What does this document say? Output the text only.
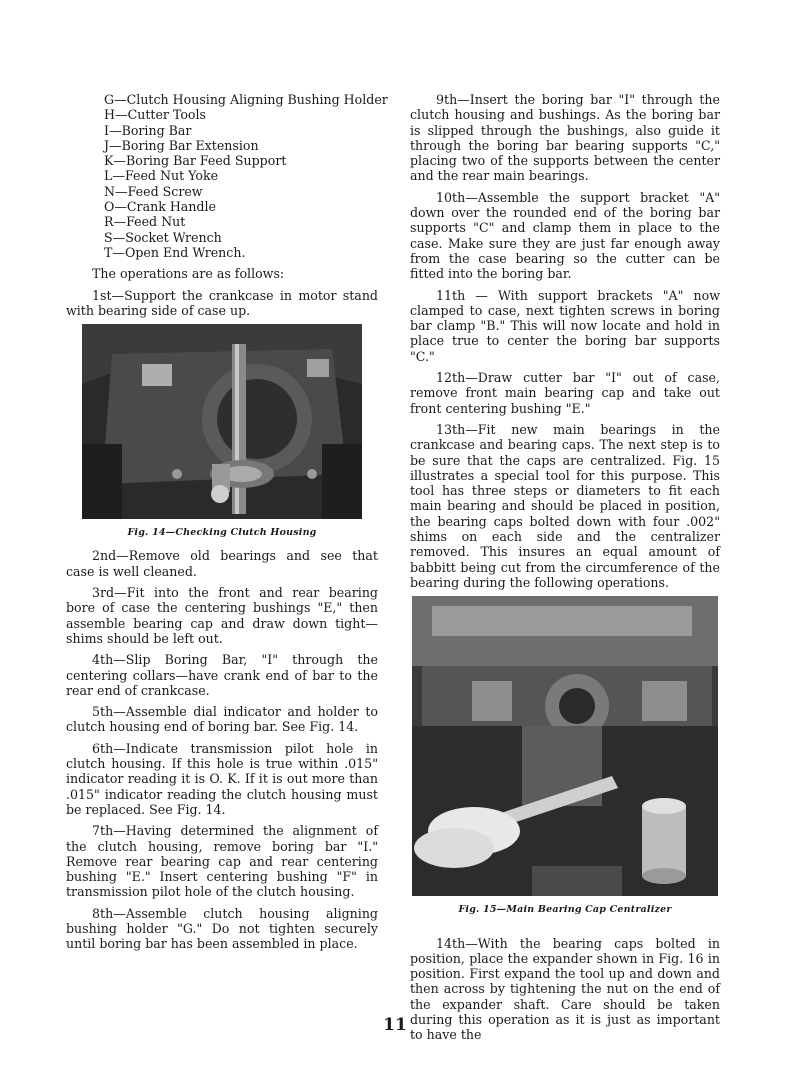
G—Clutch Housing Aligning Bushing Holder
H—Cutter Tools
I—Boring Bar
J—Boring Bar Extension
K—Boring Bar Feed Support
L—Feed Nut Yoke
N—Feed Screw
O—Crank Handle
R—Feed Nut
S—Socket Wrench
T—Open End Wrench.

The operations are as follows:

1st—Support the crankcase in motor stand with bearing side of case up.

Fig. 14—Checking Clutch Housing

2nd—Remove old bearings and see that case is well cleaned.

3rd—Fit into the front and rear bearing bore of case the centering bushings "E," then assemble bearing cap and draw down tight—shims should be left out.

4th—Slip Boring Bar, "I" through the centering collars—have crank end of bar to the rear end of crankcase.

5th—Assemble dial indicator and holder to clutch housing end of boring bar. See Fig. 14.

6th—Indicate transmission pilot hole in clutch housing. If this hole is true within .015" indicator reading it is O. K. If it is out more than .015" indicator reading the clutch housing must be replaced. See Fig. 14.

7th—Having determined the alignment of the clutch housing, remove boring bar "I." Remove rear bearing cap and rear centering bushing "E." Insert centering bushing "F" in transmission pilot hole of the clutch housing.

8th—Assemble clutch housing aligning bushing holder "G." Do not tighten securely until boring bar has been assembled in place.

9th—Insert the boring bar "I" through the clutch housing and bushings. As the boring bar is slipped through the bushings, also guide it through the boring bar bearing supports "C," placing two of the supports between the center and the rear main bearings.

10th—Assemble the support bracket "A" down over the rounded end of the boring bar supports "C" and clamp them in place to the case. Make sure they are just far enough away from the case bearing so the cutter can be fitted into the boring bar.

11th — With support brackets "A" now clamped to case, next tighten screws in boring bar clamp "B." This will now locate and hold in place true to center the boring bar supports "C."

12th—Draw cutter bar "I" out of case, remove front main bearing cap and take out front centering bushing "E."

13th—Fit new main bearings in the crankcase and bearing caps. The next step is to be sure that the caps are centralized. Fig. 15 illustrates a special tool for this purpose. This tool has three steps or diameters to fit each main bearing and should be placed in position, the bearing caps bolted down with four .002" shims on each side and the centralizer removed. This insures an equal amount of babbitt being cut from the circumference of the bearing during the following operations.

Fig. 15—Main Bearing Cap Centralizer

14th—With the bearing caps bolted in position, place the expander shown in Fig. 16 in position. First expand the tool up and down and then across by tightening the nut on the end of the expander shaft. Care should be taken during this operation as it is just as important to have the

11
